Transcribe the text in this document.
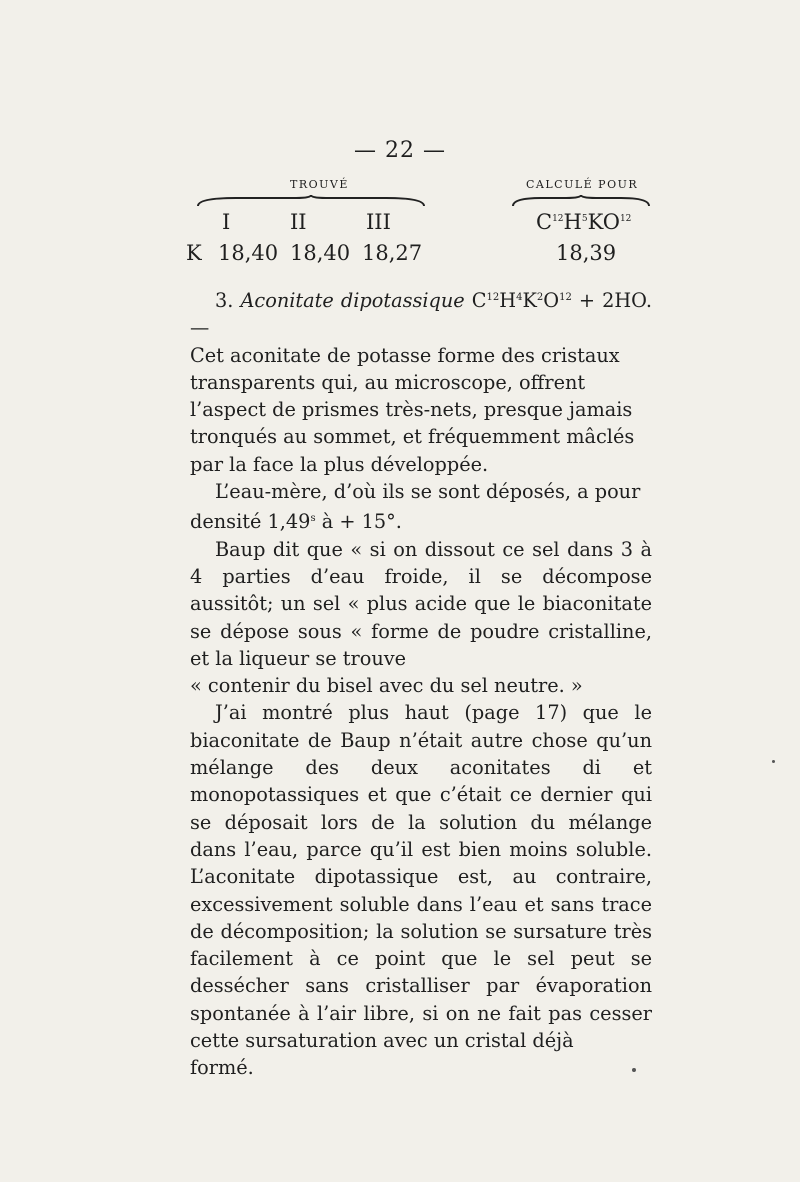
— 22 —
TROUVÉ	CALCULÉ POUR
I	II	III	$C^{12}H^5KO^{12}$
K 18,40 18,40 18,27	18,39

3. Aconitate dipotassique $C^{12}H^4K^2O^{12} + 2HO$. —

Cet aconitate de potasse forme des cristaux transparents qui, au microscope, offrent l’aspect de prismes très-nets, presque jamais tronqués au sommet, et fréquemment mâclés par la face la plus développée.

L’eau-mère, d’où ils se sont déposés, a pour densité 1,49$^s$ à + 15°.

Baup dit que « si on dissout ce sel dans 3 à 4 parties d’eau froide, il se décompose aussitôt; un sel « plus acide que le biaconitate se dépose sous « forme de poudre cristalline, et la liqueur se trouve

« contenir du bisel avec du sel neutre. »

J’ai montré plus haut (page 17) que le biaconitate de Baup n’était autre chose qu’un mélange des deux aconitates di et monopotassiques et que c’était ce dernier qui se déposait lors de la solution du mélange dans l’eau, parce qu’il est bien moins soluble. L’aconitate dipotassique est, au contraire, excessivement soluble dans l’eau et sans trace de décomposition; la solution se sursature très facilement à ce point que le sel peut se dessécher sans cristalliser par évaporation spontanée à l’air libre, si on ne fait pas cesser cette sursaturation avec un cristal déjà

formé.
